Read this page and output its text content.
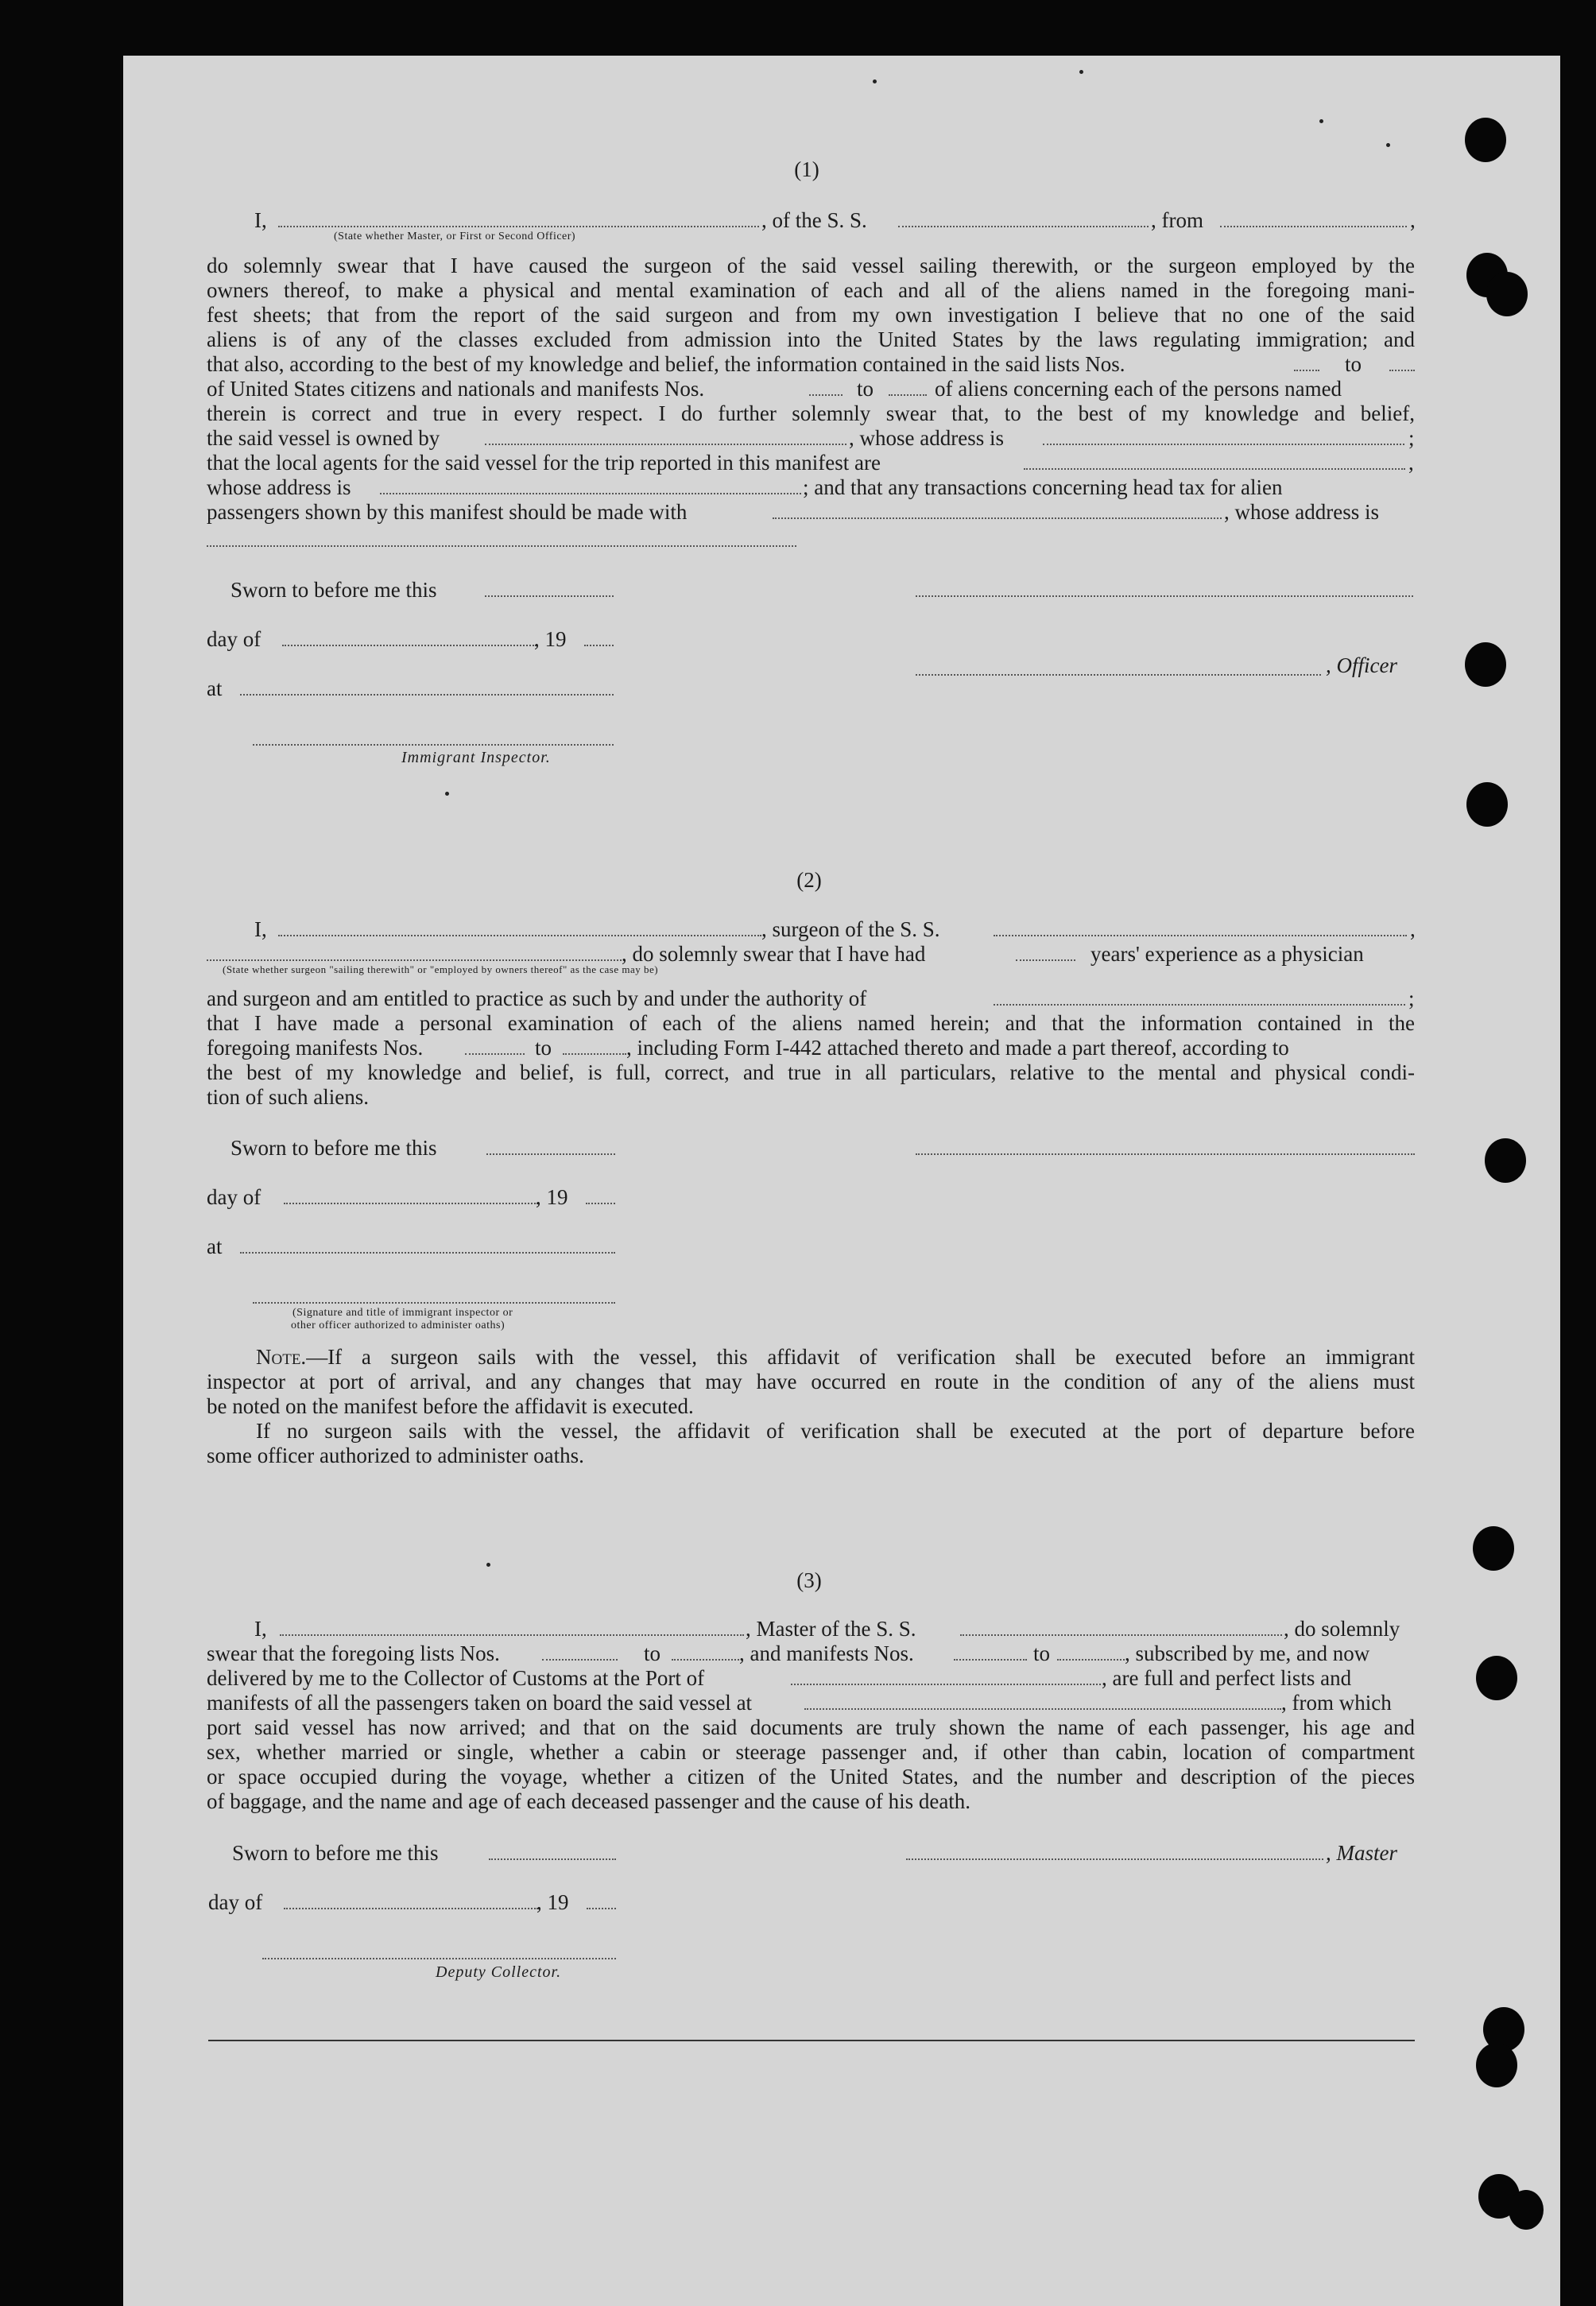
(1)
I,	, of the S. S.	, from	,
(State whether Master, or First or Second Officer)

do solemnly swear that I have caused the surgeon of the said vessel sailing therewith, or the surgeon employed by the

owners thereof, to make a physical and mental examination of each and all of the aliens named in the foregoing mani-

fest sheets; that from the report of the said surgeon and from my own investigation I believe that no one of the said

aliens is of any of the classes excluded from admission into the United States by the laws regulating immigration; and

that also, according to the best of my knowledge and belief, the information contained in the said lists Nos.	to
of United States citizens and nationals and manifests Nos.	to	of aliens concerning each of the persons named
therein is correct and true in every respect. I do further solemnly swear that, to the best of my knowledge and belief,
the said vessel is owned by	, whose address is	;
that the local agents for the said vessel for the trip reported in this manifest are	,
whose address is	; and that any transactions concerning head tax for alien
passengers shown by this manifest should be made with	, whose address is
Sworn to before me this
day of	, 19
, Officer
at
Immigrant Inspector.
(2)
I,	, surgeon of the S. S.	,
, do solemnly swear that I have had	years' experience as a physician
(State whether surgeon "sailing therewith" or "employed by owners thereof" as the case may be)
and surgeon and am entitled to practice as such by and under the authority of	;
that I have made a personal examination of each of the aliens named herein; and that the information contained in the
foregoing manifests Nos.	to	, including Form I-442 attached thereto and made a part thereof, according to
the best of my knowledge and belief, is full, correct, and true in all particulars, relative to the mental and physical condi-
tion of such aliens.
Sworn to before me this
day of	, 19
at
(Signature and title of immigrant inspector or
other officer authorized to administer oaths)
Note.—If a surgeon sails with the vessel, this affidavit of verification shall be executed before an immigrant
inspector at port of arrival, and any changes that may have occurred en route in the condition of any of the aliens must
be noted on the manifest before the affidavit is executed.
If no surgeon sails with the vessel, the affidavit of verification shall be executed at the port of departure before
some officer authorized to administer oaths.
(3)
I,	, Master of the S. S.	, do solemnly
swear that the foregoing lists Nos.	to	, and manifests Nos.	to	, subscribed by me, and now
delivered by me to the Collector of Customs at the Port of	, are full and perfect lists and
manifests of all the passengers taken on board the said vessel at	, from which

port said vessel has now arrived; and that on the said documents are truly shown the name of each passenger, his age and

sex, whether married or single, whether a cabin or steerage passenger and, if other than cabin, location of compartment

or space occupied during the voyage, whether a citizen of the United States, and the number and description of the pieces

of baggage, and the name and age of each deceased passenger and the cause of his death.

Sworn to before me this	, Master
day of	, 19
Deputy Collector.
